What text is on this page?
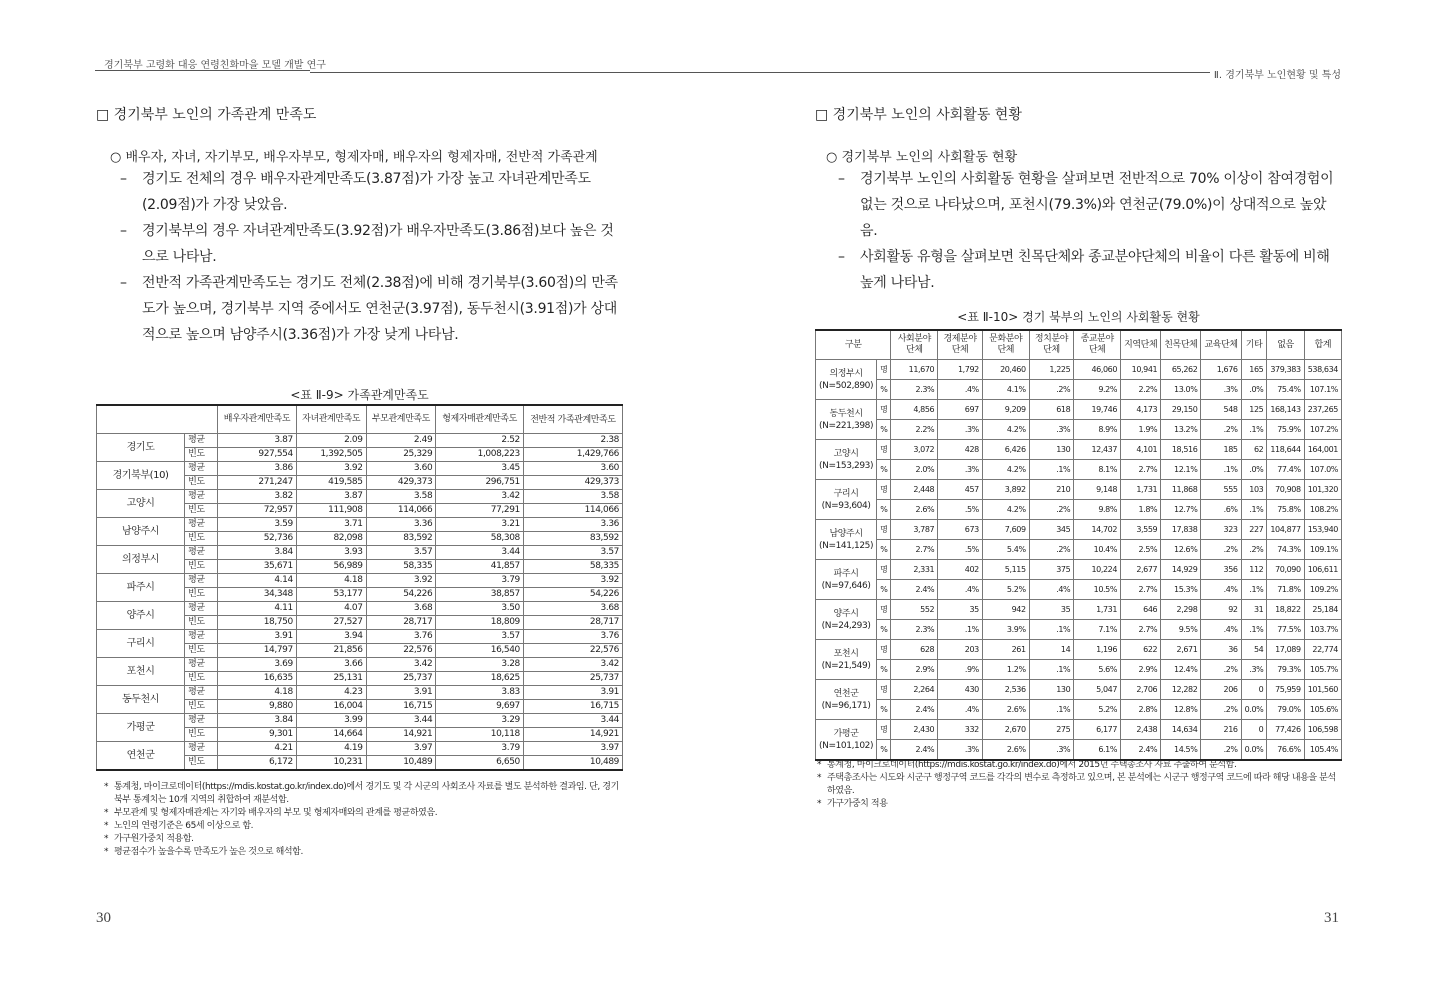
경기북부 고령화 대응 연령친화마을 모델 개발 연구
Ⅱ. 경기북부 노인현황 및 특성
□ 경기북부 노인의 가족관계 만족도
○ 배우자, 자녀, 자기부모, 배우자부모, 형제자매, 배우자의 형제자매, 전반적 가족관계
– 경기도 전체의 경우 배우자관계만족도(3.87점)가 가장 높고 자녀관계만족도(2.09점)가 가장 낮았음.
– 경기북부의 경우 자녀관계만족도(3.92점)가 배우자만족도(3.86점)보다 높은 것으로 나타남.
– 전반적 가족관계만족도는 경기도 전체(2.38점)에 비해 경기북부(3.60점)의 만족도가 높으며, 경기북부 지역 중에서도 연천군(3.97점), 동두천시(3.91점)가 상대적으로 높으며 남양주시(3.36점)가 가장 낮게 나타남.
<표 Ⅱ-9> 가족관계만족도
		배우자관계만족도	자녀관계만족도	부모관계만족도	형제자매관계만족도	전반적 가족관계만족도
경기도	평균	3.87	2.09	2.49	2.52	2.38
	빈도	927,554	1,392,505	25,329	1,008,223	1,429,766
경기북부(10)	평균	3.86	3.92	3.60	3.45	3.60
	빈도	271,247	419,585	429,373	296,751	429,373
고양시	평균	3.82	3.87	3.58	3.42	3.58
	빈도	72,957	111,908	114,066	77,291	114,066
남양주시	평균	3.59	3.71	3.36	3.21	3.36
	빈도	52,736	82,098	83,592	58,308	83,592
의정부시	평균	3.84	3.93	3.57	3.44	3.57
	빈도	35,671	56,989	58,335	41,857	58,335
파주시	평균	4.14	4.18	3.92	3.79	3.92
	빈도	34,348	53,177	54,226	38,857	54,226
양주시	평균	4.11	4.07	3.68	3.50	3.68
	빈도	18,750	27,527	28,717	18,809	28,717
구리시	평균	3.91	3.94	3.76	3.57	3.76
	빈도	14,797	21,856	22,576	16,540	22,576
포천시	평균	3.69	3.66	3.42	3.28	3.42
	빈도	16,635	25,131	25,737	18,625	25,737
동두천시	평균	4.18	4.23	3.91	3.83	3.91
	빈도	9,880	16,004	16,715	9,697	16,715
가평군	평균	3.84	3.99	3.44	3.29	3.44
	빈도	9,301	14,664	14,921	10,118	14,921
연천군	평균	4.21	4.19	3.97	3.79	3.97
	빈도	6,172	10,231	10,489	6,650	10,489
* 통계청, 마이크로데이터(https://mdis.kostat.go.kr/index.do)에서 경기도 및 각 시군의 사회조사 자료를 별도 분석하한 결과임. 단, 경기북부 통계치는 10개 지역의 취합하여 재분석함.
* 부모관계 및 형제자매관계는 자기와 배우자의 부모 및 형제자매와의 관계를 평균하였음.
* 노인의 연령기준은 65세 이상으로 함.
* 가구원가중치 적용함.
* 평균점수가 높을수록 만족도가 높은 것으로 해석함.
30
□ 경기북부 노인의 사회활동 현황
○ 경기북부 노인의 사회활동 현황
– 경기북부 노인의 사회활동 현황을 살펴보면 전반적으로 70% 이상이 참여경험이 없는 것으로 나타났으며, 포천시(79.3%)와 연천군(79.0%)이 상대적으로 높았음.
– 사회활동 유형을 살펴보면 친목단체와 종교분야단체의 비율이 다른 활동에 비해 높게 나타남.
<표 Ⅱ-10> 경기 북부의 노인의 사회활동 현황
구분		사회분야 단체	경제분야 단체	문화분야 단체	정치분야 단체	종교분야 단체	지역단체	친목단체	교육단체	기타	없음	합계

의정부시
(N=502,890)	명	11,670	1,792	20,460	1,225	46,060	10,941	65,262	1,676	165	379,383	538,634
	%	2.3%	.4%	4.1%	.2%	9.2%	2.2%	13.0%	.3%	.0%	75.4%	107.1%

동두천시
(N=221,398)	명	4,856	697	9,209	618	19,746	4,173	29,150	548	125	168,143	237,265
	%	2.2%	.3%	4.2%	.3%	8.9%	1.9%	13.2%	.2%	.1%	75.9%	107.2%

고양시
(N=153,293)	명	3,072	428	6,426	130	12,437	4,101	18,516	185	62	118,644	164,001
	%	2.0%	.3%	4.2%	.1%	8.1%	2.7%	12.1%	.1%	.0%	77.4%	107.0%

구리시
(N=93,604)	명	2,448	457	3,892	210	9,148	1,731	11,868	555	103	70,908	101,320
	%	2.6%	.5%	4.2%	.2%	9.8%	1.8%	12.7%	.6%	.1%	75.8%	108.2%

남양주시
(N=141,125)	명	3,787	673	7,609	345	14,702	3,559	17,838	323	227	104,877	153,940
	%	2.7%	.5%	5.4%	.2%	10.4%	2.5%	12.6%	.2%	.2%	74.3%	109.1%

파주시
(N=97,646)	명	2,331	402	5,115	375	10,224	2,677	14,929	356	112	70,090	106,611
	%	2.4%	.4%	5.2%	.4%	10.5%	2.7%	15.3%	.4%	.1%	71.8%	109.2%

양주시
(N=24,293)	명	552	35	942	35	1,731	646	2,298	92	31	18,822	25,184
	%	2.3%	.1%	3.9%	.1%	7.1%	2.7%	9.5%	.4%	.1%	77.5%	103.7%

포천시
(N=21,549)	명	628	203	261	14	1,196	622	2,671	36	54	17,089	22,774
	%	2.9%	.9%	1.2%	.1%	5.6%	2.9%	12.4%	.2%	.3%	79.3%	105.7%

연천군
(N=96,171)	명	2,264	430	2,536	130	5,047	2,706	12,282	206	0	75,959	101,560
	%	2.4%	.4%	2.6%	.1%	5.2%	2.8%	12.8%	.2%	0.0%	79.0%	105.6%

가평군
(N=101,102)	명	2,430	332	2,670	275	6,177	2,438	14,634	216	0	77,426	106,598
	%	2.4%	.3%	2.6%	.3%	6.1%	2.4%	14.5%	.2%	0.0%	76.6%	105.4%
* 통계청, 마이크로데이터(https://mdis.kostat.go.kr/index.do)에서 2015년 주택총조사 자료 추출하여 분석함.
* 주택총조사는 시도와 시군구 행정구역 코드를 각각의 변수로 측정하고 있으며, 본 분석에는 시군구 행정구역 코드에 따라 해당 내용을 분석하였음.
* 가구가중치 적용
31
